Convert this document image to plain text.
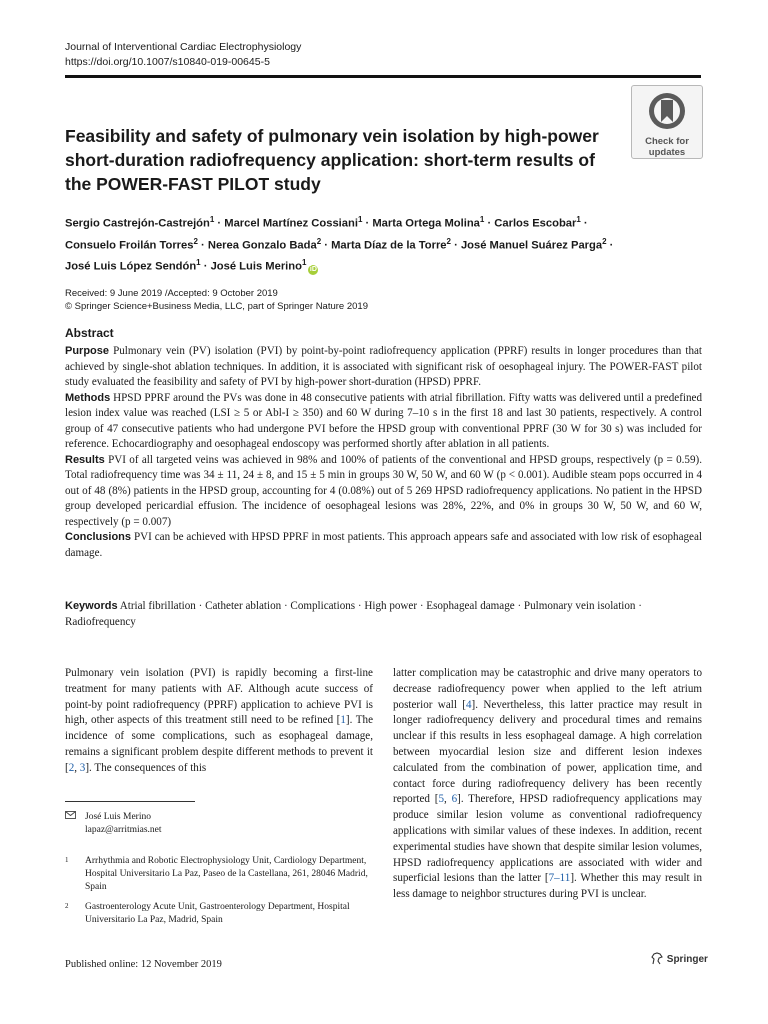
Journal of Interventional Cardiac Electrophysiology
https://doi.org/10.1007/s10840-019-00645-5
Check for
updates
Feasibility and safety of pulmonary vein isolation by high-power short-duration radiofrequency application: short-term results of the POWER-FAST PILOT study
Sergio Castrejón-Castrejón$^1$ · Marcel Martínez Cossiani$^1$ · Marta Ortega Molina$^1$ · Carlos Escobar$^1$ ·
Consuelo Froilán Torres$^2$ · Nerea Gonzalo Bada$^2$ · Marta Díaz de la Torre$^2$ · José Manuel Suárez Parga$^2$ ·
José Luis López Sendón$^1$ · José Luis Merino$^1$iD
Received: 9 June 2019 /Accepted: 9 October 2019
© Springer Science+Business Media, LLC, part of Springer Nature 2019
Abstract

Purpose Pulmonary vein (PV) isolation (PVI) by point-by-point radiofrequency application (PPRF) results in longer procedures than that achieved by single-shot ablation techniques. In addition, it is associated with significant risk of oesophageal injury. The POWER-FAST pilot study evaluated the feasibility and safety of PVI by high-power short-duration (HPSD) PPRF.

Methods HPSD PPRF around the PVs was done in 48 consecutive patients with atrial fibrillation. Fifty watts was delivered until a predefined lesion index value was reached (LSI ≥ 5 or Abl-I ≥ 350) and 60 W during 7–10 s in the first 18 and last 30 patients, respectively. A control group of 47 consecutive patients who had undergone PVI before the HPSD group with conventional PPRF (30 W for 30 s) was included for reference. Echocardiography and oesophageal endoscopy was performed shortly after ablation in all patients.

Results PVI of all targeted veins was achieved in 98% and 100% of patients of the conventional and HPSD groups, respectively (p = 0.59). Total radiofrequency time was 34 ± 11, 24 ± 8, and 15 ± 5 min in groups 30 W, 50 W, and 60 W (p < 0.001). Audible steam pops occurred in 4 out of 48 (8%) patients in the HPSD group, accounting for 4 (0.08%) out of 5 269 HPSD radiofrequency applications. No patient in the HPSD group developed pericardial effusion. The incidence of oesophageal lesions was 28%, 22%, and 0% in groups 30 W, 50 W, and 60 W, respectively (p = 0.007)

Conclusions PVI can be achieved with HPSD PPRF in most patients. This approach appears safe and associated with low risk of esophageal damage.

Keywords Atrial fibrillation · Catheter ablation · Complications · High power · Esophageal damage · Pulmonary vein isolation · Radiofrequency
Pulmonary vein isolation (PVI) is rapidly becoming a first-line treatment for many patients with AF. Although acute success of point-by point radiofrequency (PPRF) application to achieve PVI is high, other aspects of this treatment still need to be refined [1]. The incidence of some complications, such as esophageal damage, remains a significant problem despite different methods to prevent it [2, 3]. The consequences of this
latter complication may be catastrophic and drive many operators to decrease radiofrequency power when applied to the left atrium posterior wall [4]. Nevertheless, this latter practice may result in longer radiofrequency delivery and procedural times and remains unclear if this results in less esophageal damage. A high correlation between myocardial lesion size and different lesion indexes calculated from the combination of power, application time, and contact force during radiofrequency delivery has been recently reported [5, 6]. Therefore, HPSD radiofrequency applications may produce similar lesion volume as conventional radiofrequency applications with similar values of these indexes. In addition, recent experimental studies have shown that despite similar lesion volumes, HPSD radiofrequency applications are associated with wider and superficial lesions than the latter [7–11]. Whether this may result in less damage to neighbor structures during PVI is unclear.
José Luis Merino
lapaz@arritmias.net
1 Arrhythmia and Robotic Electrophysiology Unit, Cardiology Department, Hospital Universitario La Paz, Paseo de la Castellana, 261, 28046 Madrid, Spain
2 Gastroenterology Acute Unit, Gastroenterology Department, Hospital Universitario La Paz, Madrid, Spain
Published online: 12 November 2019	Springer
